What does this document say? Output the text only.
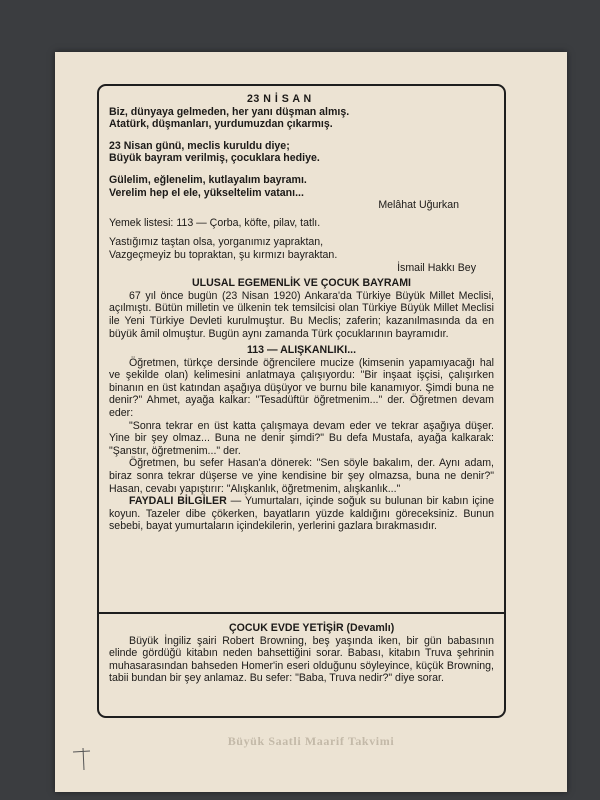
23 N İ S A N

Biz, dünyaya gelmeden, her yanı düşman almış.

Atatürk, düşmanları, yurdumuzdan çıkarmış.

23 Nisan günü, meclis kuruldu diye;

Büyük bayram verilmiş, çocuklara hediye.

Gülelim, eğlenelim, kutlayalım bayramı.

Verelim hep el ele, yükseltelim vatanı...

Melâhat Uğurkan

Yemek listesi: 113 — Çorba, köfte, pilav, tatlı.

Yastığımız taştan olsa, yorganımız yapraktan,

Vazgeçmeyiz bu topraktan, şu kırmızı bayraktan.

İsmail Hakkı Bey

ULUSAL EGEMENLİK VE ÇOCUK BAYRAMI

67 yıl önce bugün (23 Nisan 1920) Ankara'da Türkiye Büyük Millet Meclisi, açılmıştı. Bütün milletin ve ülkenin tek temsilcisi olan Türkiye Büyük Millet Meclisi ile Yeni Türkiye Devleti kurulmuştur. Bu Meclis; zaferin; kazanılmasında da en büyük âmil olmuştur. Bugün aynı zamanda Türk çocuklarının bayramıdır.

113 — ALIŞKANLIKI...

Öğretmen, türkçe dersinde öğrencilere mucize (kimsenin yapamıyacağı hal ve şekilde olan) kelimesini anlatmaya çalışıyordu: "Bir inşaat işçisi, çalışırken binanın en üst katından aşağıya düşüyor ve burnu bile kanamıyor. Şimdi buna ne denir?" Ahmet, ayağa kalkar: "Tesadüftür öğretmenim..." der. Öğretmen devam eder:

"Sonra tekrar en üst katta çalışmaya devam eder ve tekrar aşağıya düşer. Yine bir şey olmaz... Buna ne denir şimdi?" Bu defa Mustafa, ayağa kalkarak: "Şanstır, öğretmenim..." der.

Öğretmen, bu sefer Hasan'a dönerek: "Sen söyle bakalım, der. Aynı adam, biraz sonra tekrar düşerse ve yine kendisine bir şey olmazsa, buna ne denir?" Hasan, cevabı yapıştırır: "Alışkanlık, öğretmenim, alışkanlık..."

FAYDALI BİLGİLER — Yumurtaları, içinde soğuk su bulunan bir kabın içine koyun. Tazeler dibe çökerken, bayatların yüzde kaldığını göreceksiniz. Bunun sebebi, bayat yumurtaların içindekilerin, yerlerini gazlara bırakmasıdır.

ÇOCUK EVDE YETİŞİR (Devamlı)

Büyük İngiliz şairi Robert Browning, beş yaşında iken, bir gün babasının elinde gördüğü kitabın neden bahsettiğini sorar. Babası, kitabın Truva şehrinin muhasarasından bahseden Homer'in eseri olduğunu söyleyince, küçük Browning, tabii bundan bir şey anlamaz. Bu sefer: "Baba, Truva nedir?" diye sorar.

Büyük Saatli Maarif Takvimi
